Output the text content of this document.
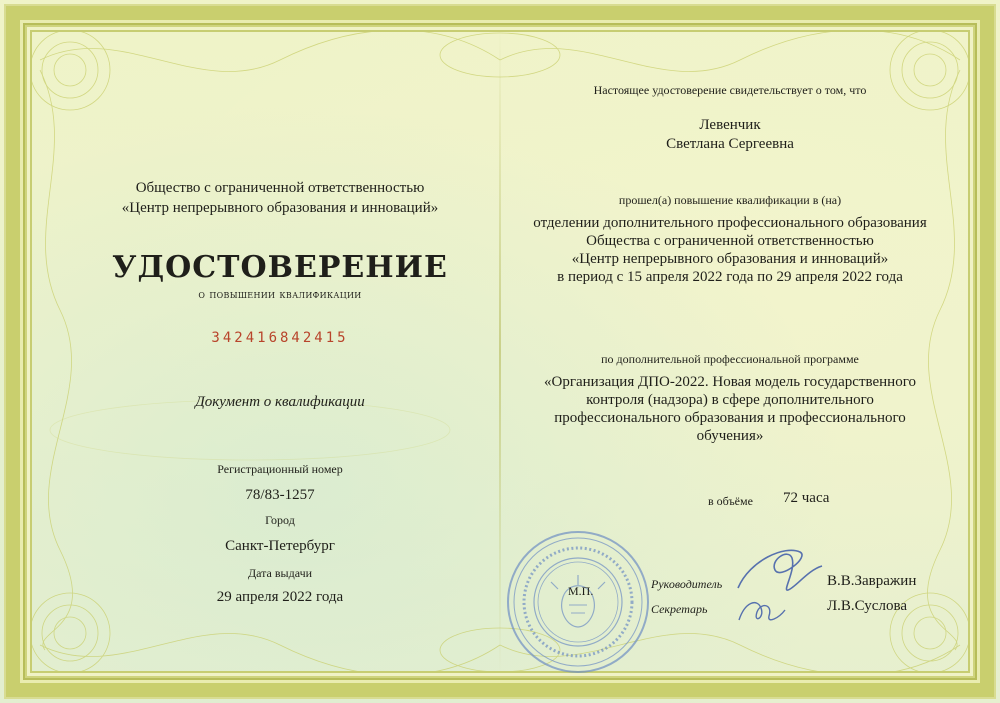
Общество с ограниченной ответственностью
«Центр непрерывного образования и инноваций»
УДОСТОВЕРЕНИЕ
о повышении квалификации
342416842415
Документ о квалификации
Регистрационный номер
78/83-1257
Город
Санкт-Петербург
Дата выдачи
29 апреля 2022 года
Настоящее удостоверение свидетельствует о том, что
Левенчик
Светлана Сергеевна
прошел(а) повышение квалификации в (на)
отделении дополнительного профессионального образования
Общества с ограниченной ответственностью
«Центр непрерывного образования и инноваций»
в период с 15 апреля 2022 года по 29 апреля 2022 года
по дополнительной профессиональной программе
«Организация ДПО-2022. Новая модель государственного
контроля (надзора) в сфере дополнительного
профессионального образования и профессионального
обучения»
в объёме 72 часа
М.П.	Руководитель	В.В.Завражин
Секретарь	Л.В.Суслова
